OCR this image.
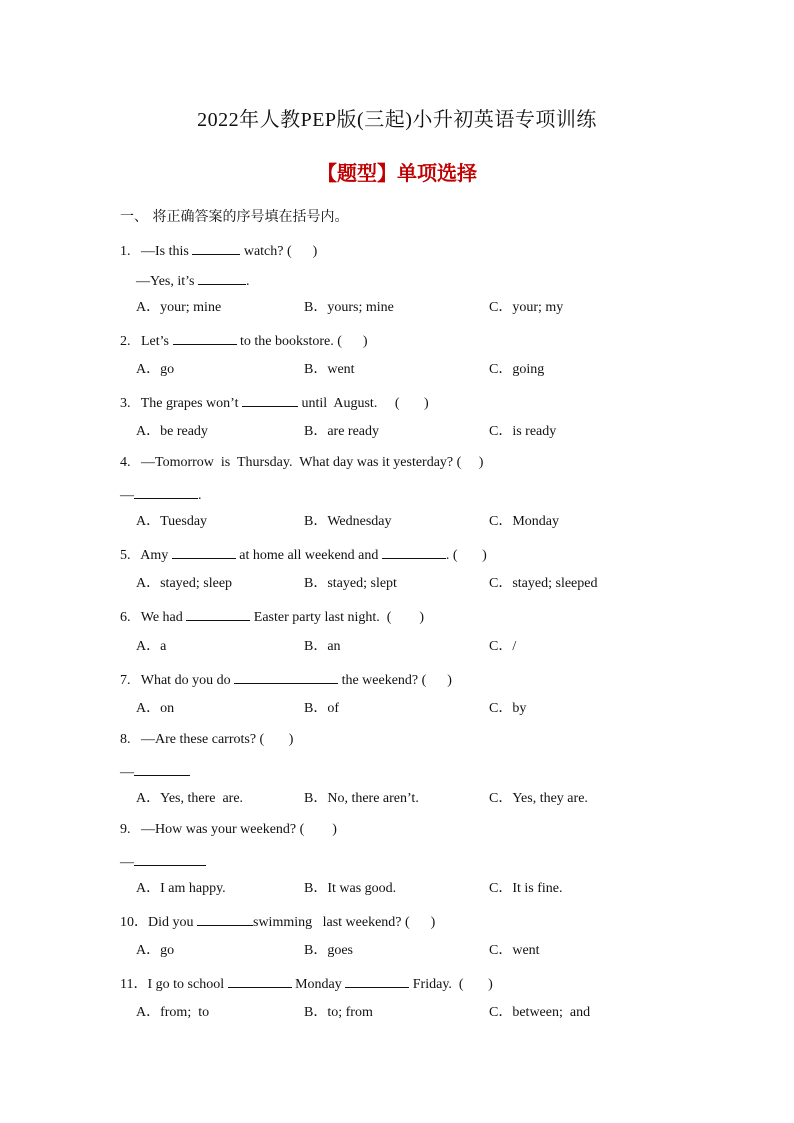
2022年人教PEP版(三起)小升初英语专项训练
【题型】单项选择
一、 将正确答案的序号填在括号内。
1.   —Is this	watch? (      )
—Yes, it’s	.
A．your; mine	B．yours; mine	C．your; my
2.   Let’s	to the bookstore. (      )
A．go	B．went	C．going
3.   The grapes won’t	until  August.     (       )
A．be ready	B．are ready	C．is ready
4.   —Tomorrow  is  Thursday.  What day was it yesterday? (     )
—	.
A．Tuesday	B．Wednesday	C．Monday
5.   Amy	at home all weekend and	. (       )
A．stayed; sleep	B．stayed; slept	C．stayed; sleeped
6.   We had	Easter party last night.  (        )
A．a	B．an	C．/
7.   What do you do	the weekend? (      )
A．on	B．of	C．by
8.   —Are these carrots? (       )
—
A．Yes, there  are.	B．No, there aren’t.	C．Yes, they are.
9.   —How was your weekend? (        )
—
A．I am happy.	B．It was good.	C．It is fine.
10．Did you	swimming   last weekend? (      )
A．go	B．goes	C．went
11．I go to school	Monday	Friday.  (       )
A．from;  to	B．to; from	C．between;  and
